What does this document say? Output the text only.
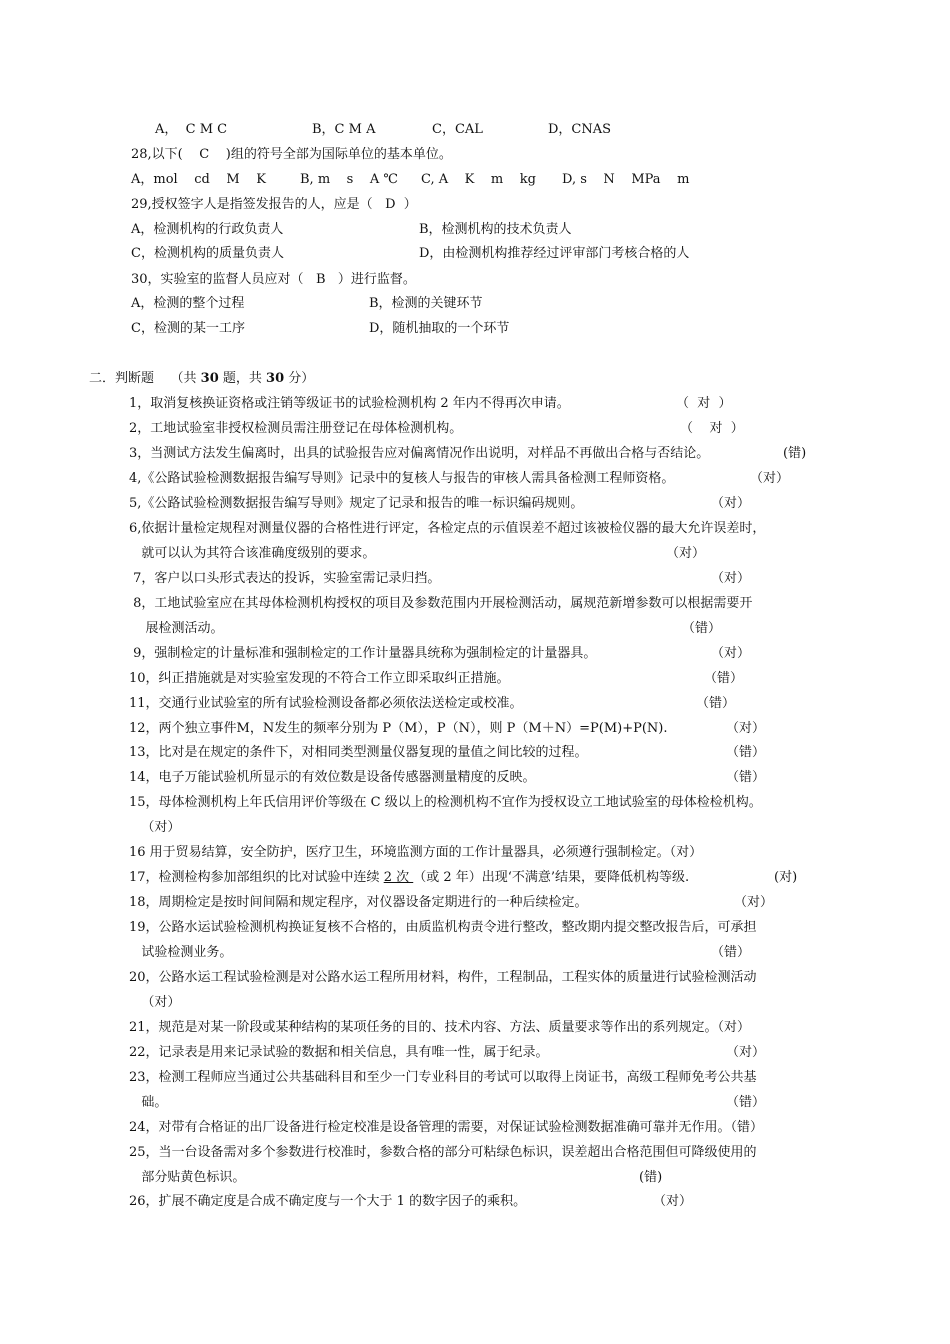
A，  C M C	B，C M A	C，CAL	D，CNAS
28,以下(    C    )组的符号全部为国际单位的基本单位。
A，mol    cd    M    K	B, m    s    A ℃ C, A    K    m    kg D, s    N    MPa    m
29,授权签字人是指签发报告的人，应是（   D  ）
A，检测机构的行政负责人	B，检测机构的技术负责人
C，检测机构的质量负责人	D，由检测机构推荐经过评审部门考核合格的人
30，实验室的监督人员应对（   B   ）进行监督。
A，检测的整个过程	B，检测的关键环节
C，检测的某一工序	D，随机抽取的一个环节
二．判断题    （共 30 题，共 30 分）
1，取消复核换证资格或注销等级证书的试验检测机构 2 年内不得再次申请。	（  对  ）
2，工地试验室非授权检测员需注册登记在母体检测机构。	（    对  ）
3，当测试方法发生偏离时，出具的试验报告应对偏离情况作出说明，对样品不再做出合格与否结论。	(错)
4,《公路试验检测数据报告编写导则》记录中的复核人与报告的审核人需具备检测工程师资格。	（对）
5,《公路试验检测数据报告编写导则》规定了记录和报告的唯一标识编码规则。	（对）
6,依据计量检定规程对测量仪器的合格性进行评定，各检定点的示值误差不超过该被检仪器的最大允许误差时，
就可以认为其符合该准确度级别的要求。	（对）
7，客户以口头形式表达的投诉，实验室需记录归挡。	（对）
8，工地试验室应在其母体检测机构授权的项目及参数范围内开展检测活动，属规范新增参数可以根据需要开
展检测活动。	（错）
9，强制检定的计量标准和强制检定的工作计量器具统称为强制检定的计量器具。	（对）
10，纠正措施就是对实验室发现的不符合工作立即采取纠正措施。	（错）
11，交通行业试验室的所有试验检测设备都必须依法送检定或校准。	（错）
12，两个独立事件M，N发生的频率分别为 P（M），P（N），则 P（M＋N）=P(M)+P(N).	（对）
13，比对是在规定的条件下，对相同类型测量仪器复现的量值之间比较的过程。	（错）
14，电子万能试验机所显示的有效位数是设备传感器测量精度的反映。	（错）
15，母体检测机构上年氏信用评价等级在 C 级以上的检测机构不宜作为授权设立工地试验室的母体检检机构。
（对）
16 用于贸易结算，安全防护，医疗卫生，环境监测方面的工作计量器具，必须遵行强制检定。（对）
17，检测检构参加部组织的比对试验中连续 2 次 （或 2 年）出现‘不满意’结果，要降低机构等级.	(对)
18，周期检定是按时间间隔和规定程序，对仪器设备定期进行的一种后续检定。	（对）
19，公路水运试验检测机构换证复核不合格的，由质监机构责令进行整改，整改期内提交整改报告后，可承担
试验检测业务。	（错）
20，公路水运工程试验检测是对公路水运工程所用材料，构件，工程制品，工程实体的质量进行试验检测活动
（对）
21，规范是对某一阶段或某种结构的某项任务的目的、技术内容、方法、质量要求等作出的系列规定。（对）
22，记录表是用来记录试验的数据和相关信息，具有唯一性，属于纪录。	（对）
23，检测工程师应当通过公共基础科目和至少一门专业科目的考试可以取得上岗证书，高级工程师免考公共基
础。	（错）
24，对带有合格证的出厂设备进行检定校准是设备管理的需要，对保证试验检测数据准确可靠并无作用。（错）
25，当一台设备需对多个参数进行校准时，参数合格的部分可粘绿色标识，误差超出合格范围但可降级使用的
部分贴黄色标识。	(错)
26，扩展不确定度是合成不确定度与一个大于 1 的数字因子的乘积。	（对）
